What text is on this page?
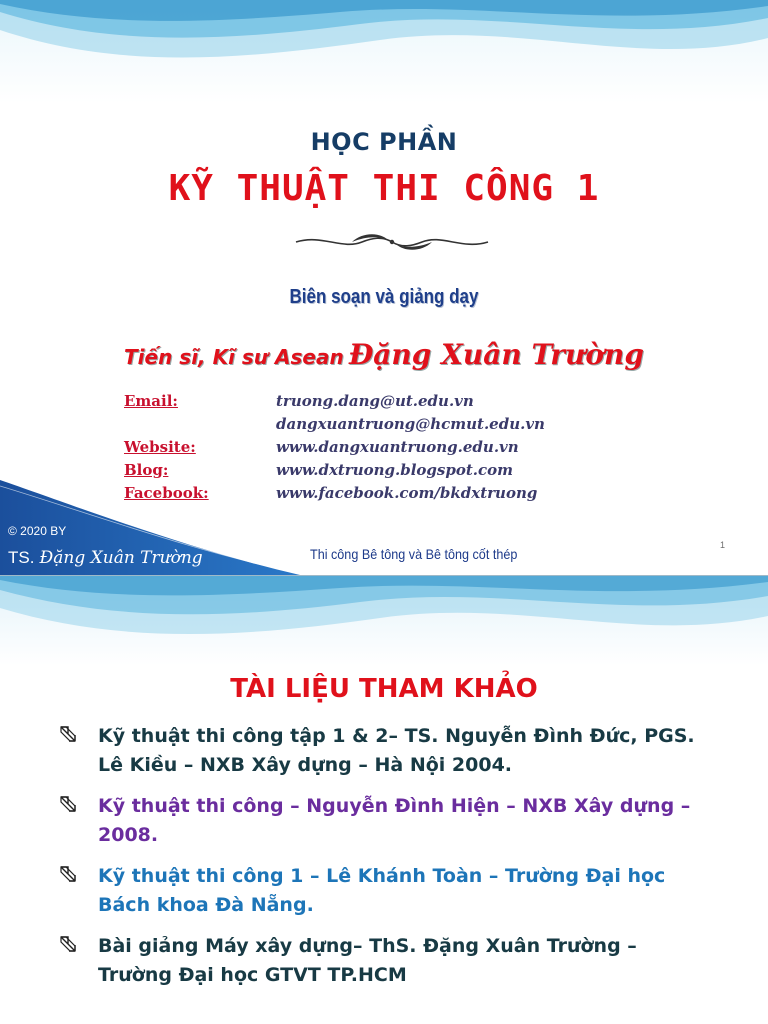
HỌC PHẦN
KỸ THUẬT THI CÔNG 1
Biên soạn và giảng dạy
Tiến sĩ, Kĩ sư Asean Đặng Xuân Trường
Email:	truong.dang@ut.edu.vn
dangxuantruong@hcmut.edu.vn
Website:	www.dangxuantruong.edu.vn
Blog:	www.dxtruong.blogspot.com
Facebook:	www.facebook.com/bkdxtruong
© 2020 BY
TS. Đặng Xuân Trường	Thi công Bê tông và Bê tông cốt thép
1
TÀI LIỆU THAM KHẢO
Kỹ thuật thi công tập 1 & 2– TS. Nguyễn Đình Đức, PGS. Lê Kiều – NXB Xây dựng – Hà Nội 2004.
Kỹ thuật thi công – Nguyễn Đình Hiện – NXB Xây dựng – 2008.
Kỹ thuật thi công 1 – Lê Khánh Toàn – Trường Đại học Bách khoa Đà Nẵng.
Bài giảng Máy xây dựng– ThS. Đặng Xuân Trường – Trường Đại học GTVT TP.HCM
